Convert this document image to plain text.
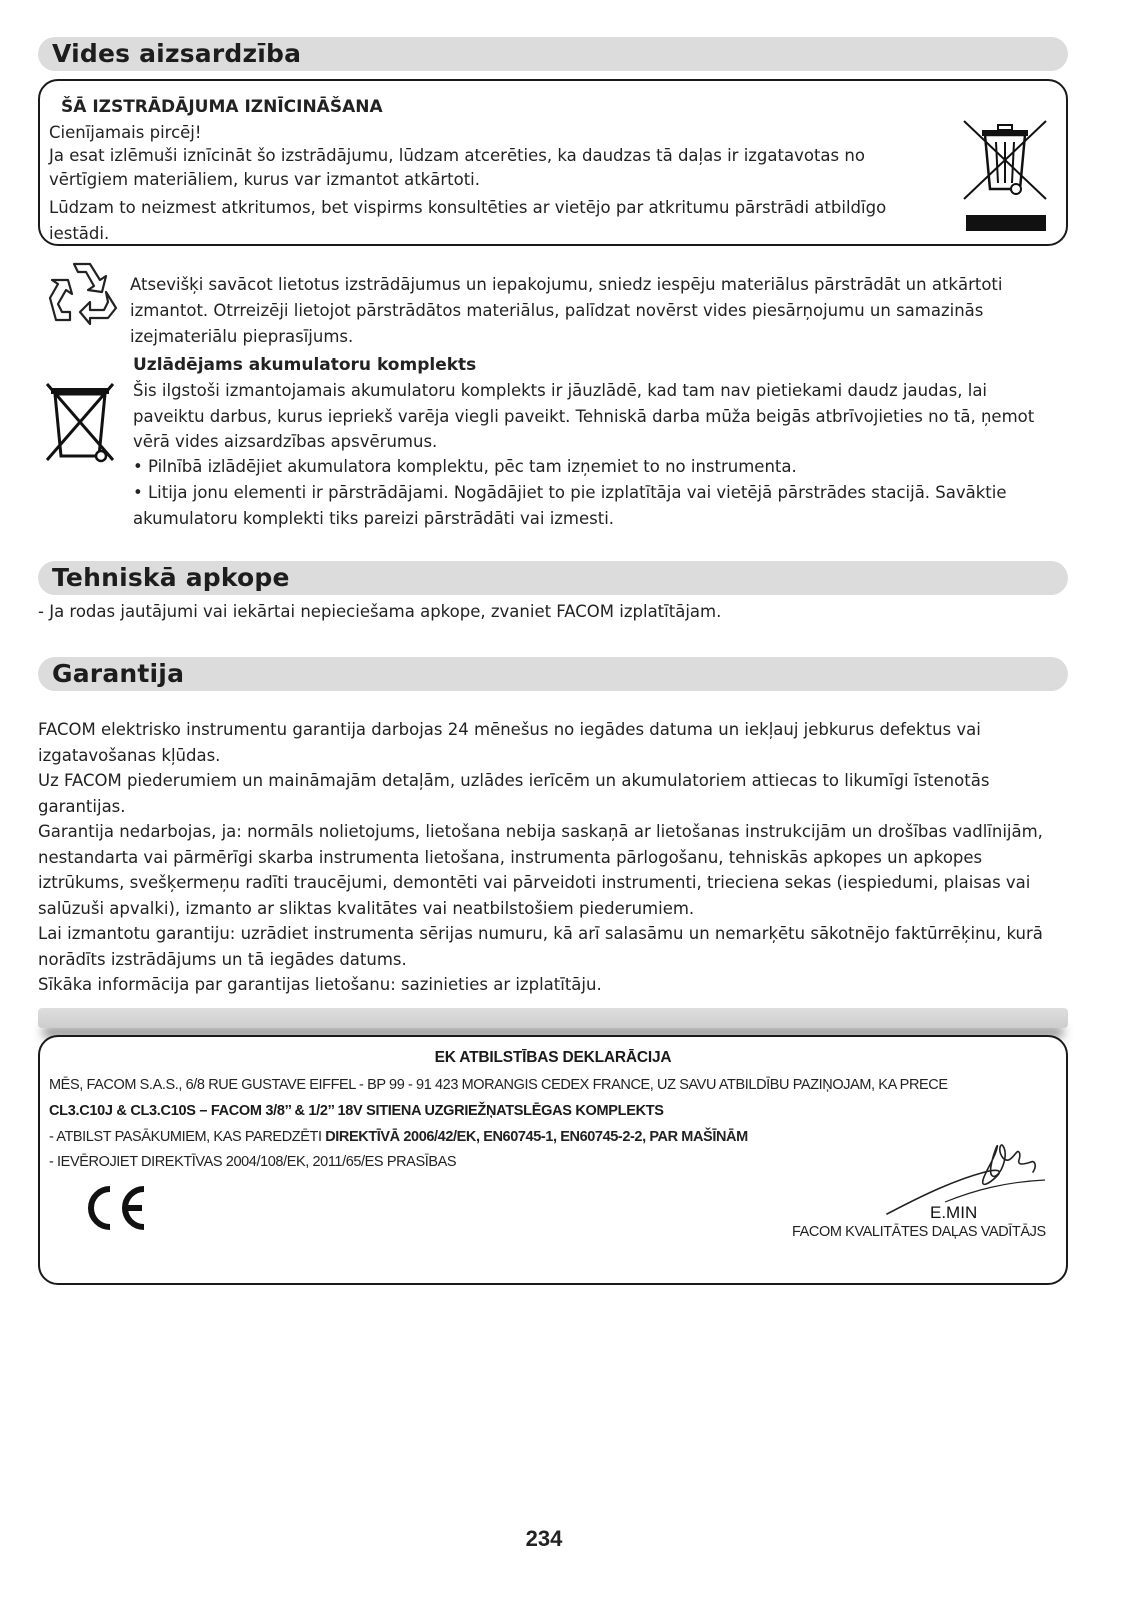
Vides aizsardzība
ŠĀ IZSTRĀDĀJUMA IZNĪCINĀŠANA
Cienījamais pircēj!
Ja esat izlēmuši iznīcināt šo izstrādājumu, lūdzam atcerēties, ka daudzas tā daļas ir izgatavotas no vērtīgiem materiāliem, kurus var izmantot atkārtoti.
Lūdzam to neizmest atkritumos, bet vispirms konsultēties ar vietējo par atkritumu pārstrādi atbildīgo iestādi.
Atsevišķi savācot lietotus izstrādājumus un iepakojumu, sniedz iespēju materiālus pārstrādāt un atkārtoti izmantot. Otrreizēji lietojot pārstrādātos materiālus, palīdzat novērst vides piesārņojumu un samazinās izejmateriālu pieprasījums.
Uzlādējams akumulatoru komplekts
Šis ilgstoši izmantojamais akumulatoru komplekts ir jāuzlādē, kad tam nav pietiekami daudz jaudas, lai paveiktu darbus, kurus iepriekš varēja viegli paveikt. Tehniskā darba mūža beigās atbrīvojieties no tā, ņemot vērā vides aizsardzības apsvērumus.
• Pilnībā izlādējiet akumulatora komplektu, pēc tam izņemiet to no instrumenta.
• Litija jonu elementi ir pārstrādājami. Nogādājiet to pie izplatītāja vai vietējā pārstrādes stacijā. Savāktie akumulatoru komplekti tiks pareizi pārstrādāti vai izmesti.
Tehniskā apkope
- Ja rodas jautājumi vai iekārtai nepieciešama apkope, zvaniet FACOM izplatītājam.
Garantija
FACOM elektrisko instrumentu garantija darbojas 24 mēnešus no iegādes datuma un iekļauj jebkurus defektus vai izgatavošanas kļūdas.
Uz FACOM piederumiem un maināmajām detaļām, uzlādes ierīcēm un akumulatoriem attiecas to likumīgi īstenotās garantijas.
Garantija nedarbojas, ja: normāls nolietojums, lietošana nebija saskaņā ar lietošanas instrukcijām un drošības vadlīnijām, nestandarta vai pārmērīgi skarba instrumenta lietošana, instrumenta pārlogošanu, tehniskās apkopes un apkopes iztrūkums, svešķermeņu radīti traucējumi, demontēti vai pārveidoti instrumenti, trieciena sekas (iespiedumi, plaisas vai salūzuši apvalki), izmanto ar sliktas kvalitātes vai neatbilstošiem piederumiem.
Lai izmantotu garantiju: uzrādiet instrumenta sērijas numuru, kā arī salasāmu un nemarķētu sākotnējo faktūrrēķinu, kurā norādīts izstrādājums un tā iegādes datums.
Sīkāka informācija par garantijas lietošanu: sazinieties ar izplatītāju.
EK ATBILSTĪBAS DEKLARĀCIJA
MĒS, FACOM S.A.S., 6/8 RUE GUSTAVE EIFFEL - BP 99 - 91 423 MORANGIS CEDEX FRANCE, UZ SAVU ATBILDĪBU PAZIŅOJAM, KA PRECE
CL3.C10J & CL3.C10S – FACOM 3/8’’ & 1/2’’ 18V SITIENA UZGRIEŽŅATSLĒGAS KOMPLEKTS
- ATBILST PASĀKUMIEM, KAS PAREDZĒTI DIREKTĪVĀ 2006/42/EK, EN60745-1, EN60745-2-2, PAR MAŠĪNĀM
- IEVĒROJIET DIREKTĪVAS 2004/108/EK, 2011/65/ES PRASĪBAS
E.MIN
FACOM KVALITĀTES DAĻAS VADĪTĀJS
234
